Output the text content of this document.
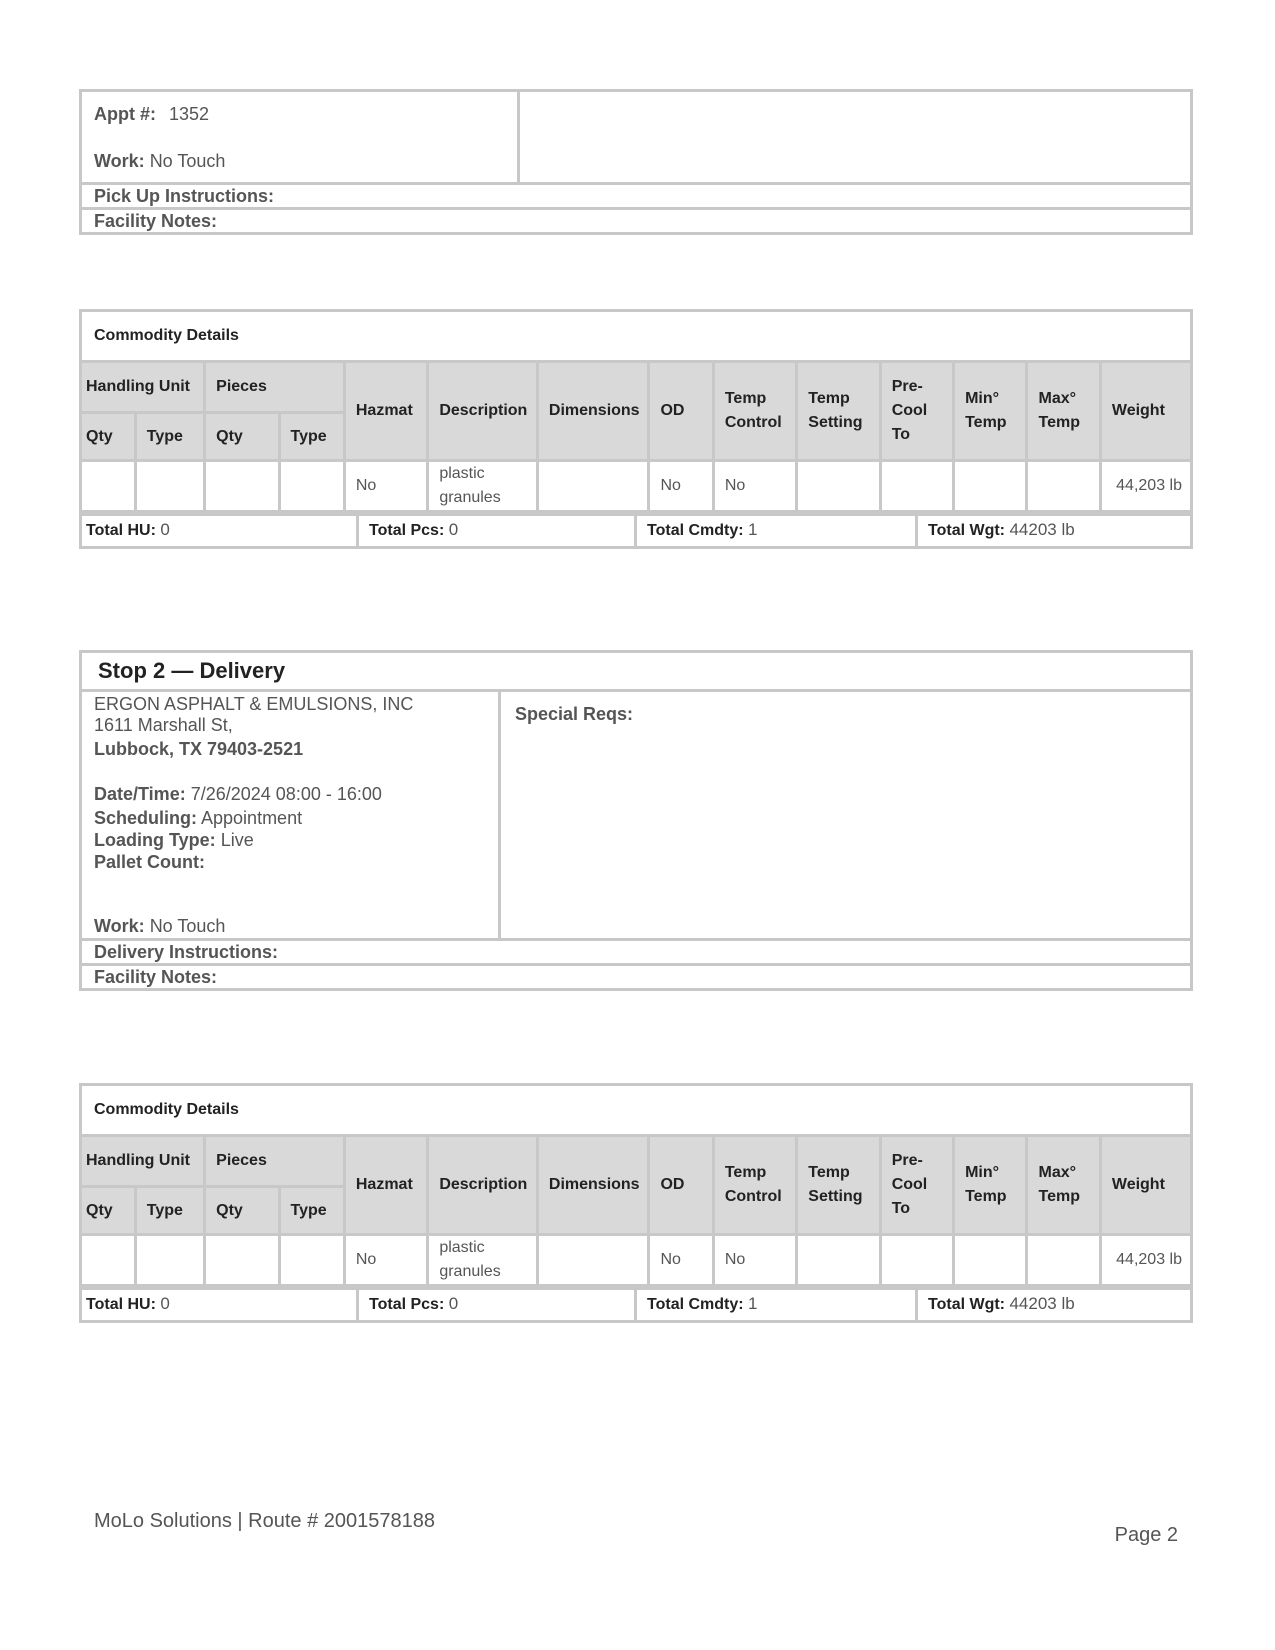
Appt #: 1352
Work: No Touch
Pick Up Instructions:
Facility Notes:
Commodity Details													
Handling Unit		Pieces		Hazmat	Description	Dimensions	OD	Temp Control	Temp Setting	Pre-Cool To	Min° Temp	Max° Temp	Weight
Qty	Type	Qty	Type										
				No	plastic granules		No	No					44,203 lb
Total HU: 0	Total Pcs: 0	Total Cmdty: 1	Total Wgt: 44203 lb
Stop 2 — Delivery
ERGON ASPHALT & EMULSIONS, INC
1611 Marshall St,
Lubbock, TX 79403-2521
Date/Time: 7/26/2024 08:00 - 16:00
Scheduling: Appointment
Loading Type: Live
Pallet Count:
Work: No Touch
Special Reqs:
Delivery Instructions:
Facility Notes:
Commodity Details													
Handling Unit		Pieces		Hazmat	Description	Dimensions	OD	Temp Control	Temp Setting	Pre-Cool To	Min° Temp	Max° Temp	Weight
Qty	Type	Qty	Type										
				No	plastic granules		No	No					44,203 lb
Total HU: 0	Total Pcs: 0	Total Cmdty: 1	Total Wgt: 44203 lb
MoLo Solutions | Route # 2001578188
Page 2
